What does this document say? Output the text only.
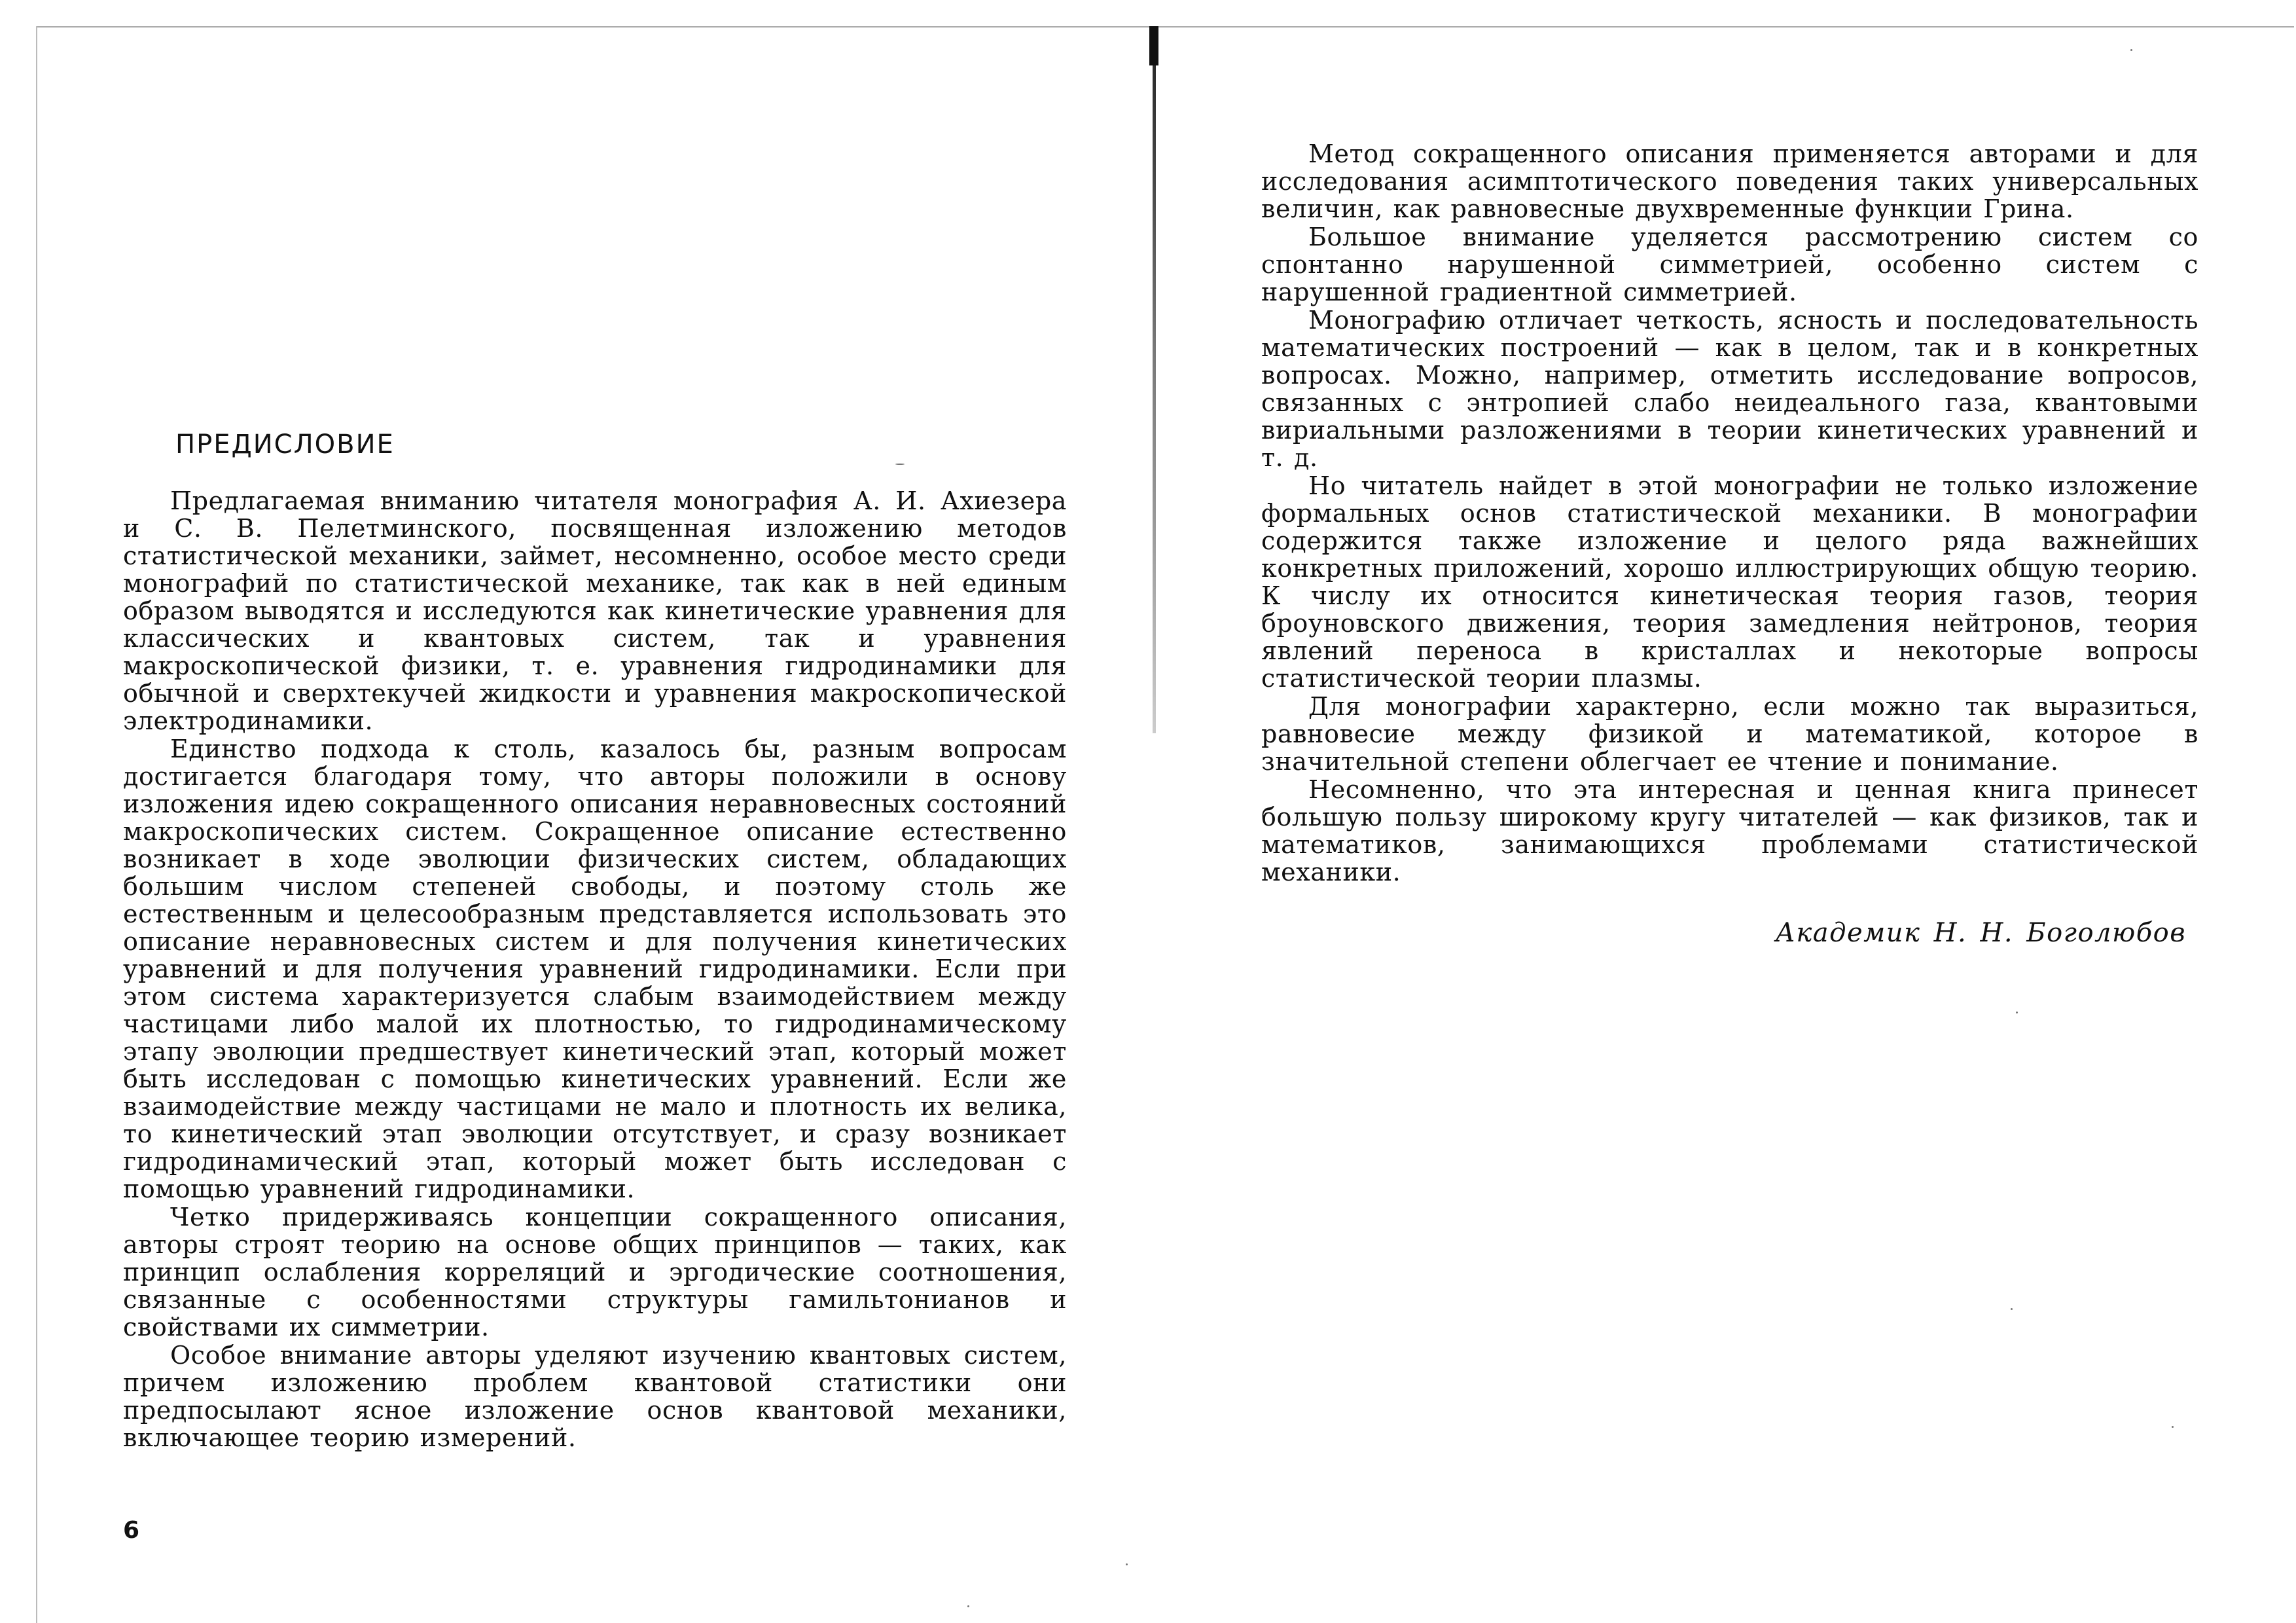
ПРЕДИСЛОВИЕ

Предлагаемая вниманию читателя монография А. И. Ахиезера и С. В. Пелетминского, посвященная изложению методов статистической механики, займет, несомненно, особое место среди монографий по статистической механике, так как в ней единым образом выводятся и исследуются как кинетические уравнения для классических и квантовых систем, так и уравнения макроскопической физики, т. е. уравнения гидродинамики для обычной и сверхтекучей жидкости и уравнения макроскопической электродинамики.

Единство подхода к столь, казалось бы, разным вопросам достигается благодаря тому, что авторы положили в основу изложения идею сокращенного описания неравновесных состояний макроскопических систем. Сокращенное описание естественно возникает в ходе эволюции физических систем, обладающих большим числом степеней свободы, и поэтому столь же естественным и целесообразным представляется использовать это описание неравновесных систем и для получения кинетических уравнений и для получения уравнений гидродинамики. Если при этом система характеризуется слабым взаимодействием между частицами либо малой их плотностью, то гидродинамическому этапу эволюции предшествует кинетический этап, который может быть исследован с помощью кинетических уравнений. Если же взаимодействие между частицами не мало и плотность их велика, то кинетический этап эволюции отсутствует, и сразу возникает гидродинамический этап, который может быть исследован с помощью уравнений гидродинамики.

Четко придерживаясь концепции сокращенного описания, авторы строят теорию на основе общих принципов — таких, как принцип ослабления корреляций и эргодические соотношения, связанные с особенностями структуры гамильтонианов и свойствами их симметрии.

Особое внимание авторы уделяют изучению квантовых систем, причем изложению проблем квантовой статистики они предпосылают ясное изложение основ квантовой механики, включающее теорию измерений.

6

Метод сокращенного описания применяется авторами и для исследования асимптотического поведения таких универсальных величин, как равновесные двухвременные функции Грина.

Большое внимание уделяется рассмотрению систем со спонтанно нарушенной симметрией, особенно систем с нарушенной градиентной симметрией.

Монографию отличает четкость, ясность и последовательность математических построений — как в целом, так и в конкретных вопросах. Можно, например, отметить исследование вопросов, связанных с энтропией слабо неидеального газа, квантовыми вириальными разложениями в теории кинетических уравнений и т. д.

Но читатель найдет в этой монографии не только изложение формальных основ статистической механики. В монографии содержится также изложение и целого ряда важнейших конкретных приложений, хорошо иллюстрирующих общую теорию. К числу их относится кинетическая теория газов, теория броуновского движения, теория замедления нейтронов, теория явлений переноса в кристаллах и некоторые вопросы статистической теории плазмы.

Для монографии характерно, если можно так выразиться, равновесие между физикой и математикой, которое в значительной степени облегчает ее чтение и понимание.

Несомненно, что эта интересная и ценная книга принесет большую пользу широкому кругу читателей — как физиков, так и математиков, занимающихся проблемами статистической механики.

Академик Н. Н. Боголюбов
